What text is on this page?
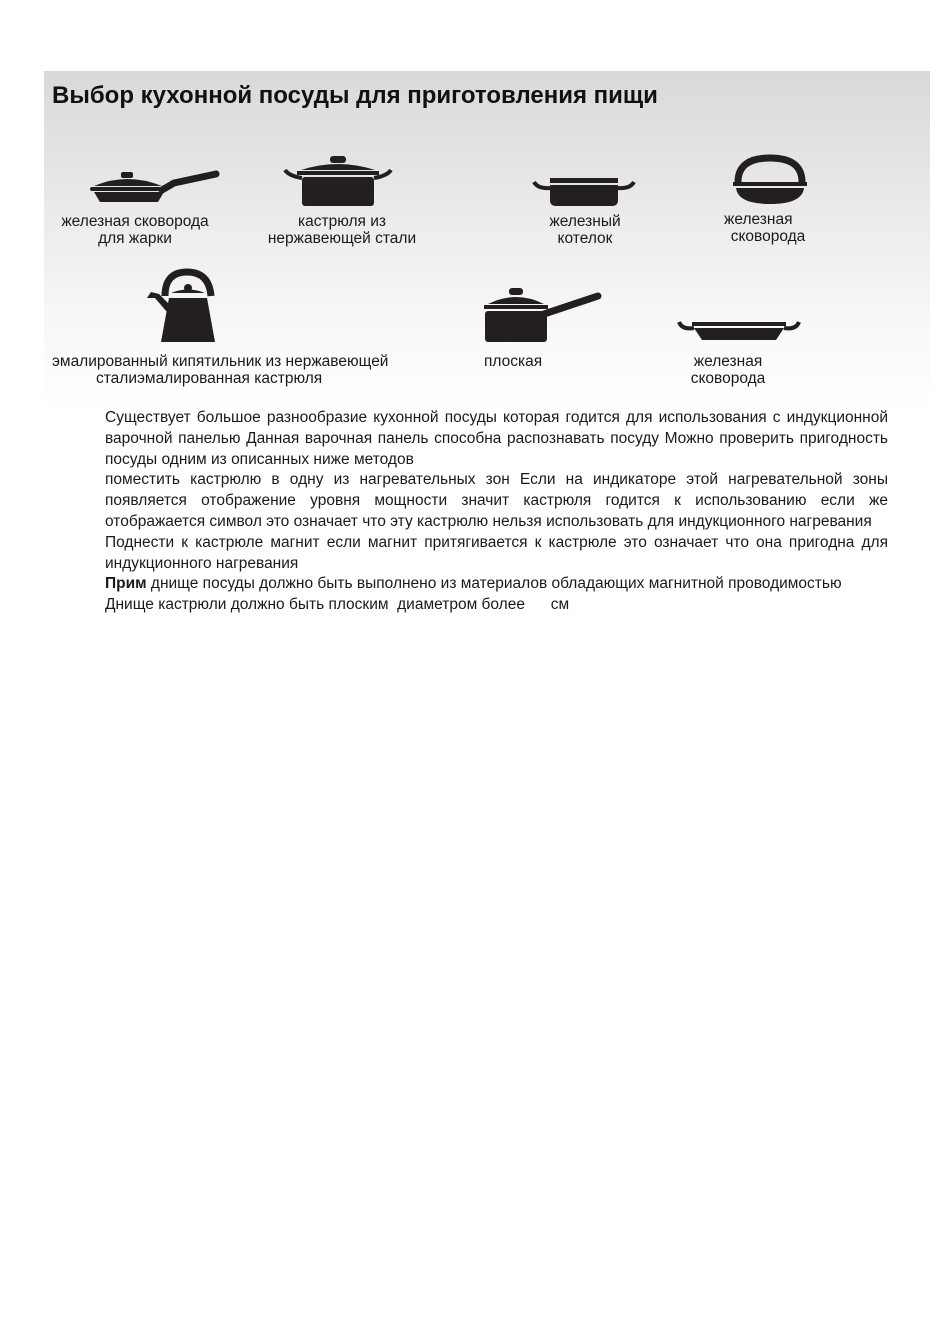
Выбор кухонной посуды для приготовления пищи
железная сковорода
для жарки
кастрюля из
нержавеющей стали
железный
котелок
железная
сковорода
эмалированный кипятильник из нержавеющей
сталиэмалированная кастрюля
плоская	железная
сковорода

Существует большое разнообразие кухонной посуды которая годится для использования с индукционной варочной панелью Данная варочная панель способна распознавать посуду Можно проверить пригодность посуды одним из описанных ниже методов

поместить кастрюлю в одну из нагревательных зон Если на индикаторе этой нагревательной зоны появляется отображение уровня мощности значит кастрюля годится к использованию если же отображается символ это означает что эту кастрюлю нельзя использовать для индукционного нагревания

Поднести к кастрюле магнит если магнит притягивается к кастрюле это означает что она пригодна для индукционного нагревания

Прим днище посуды должно быть выполнено из материалов обладающих магнитной проводимостью

Днище кастрюли должно быть плоским  диаметром более      см
